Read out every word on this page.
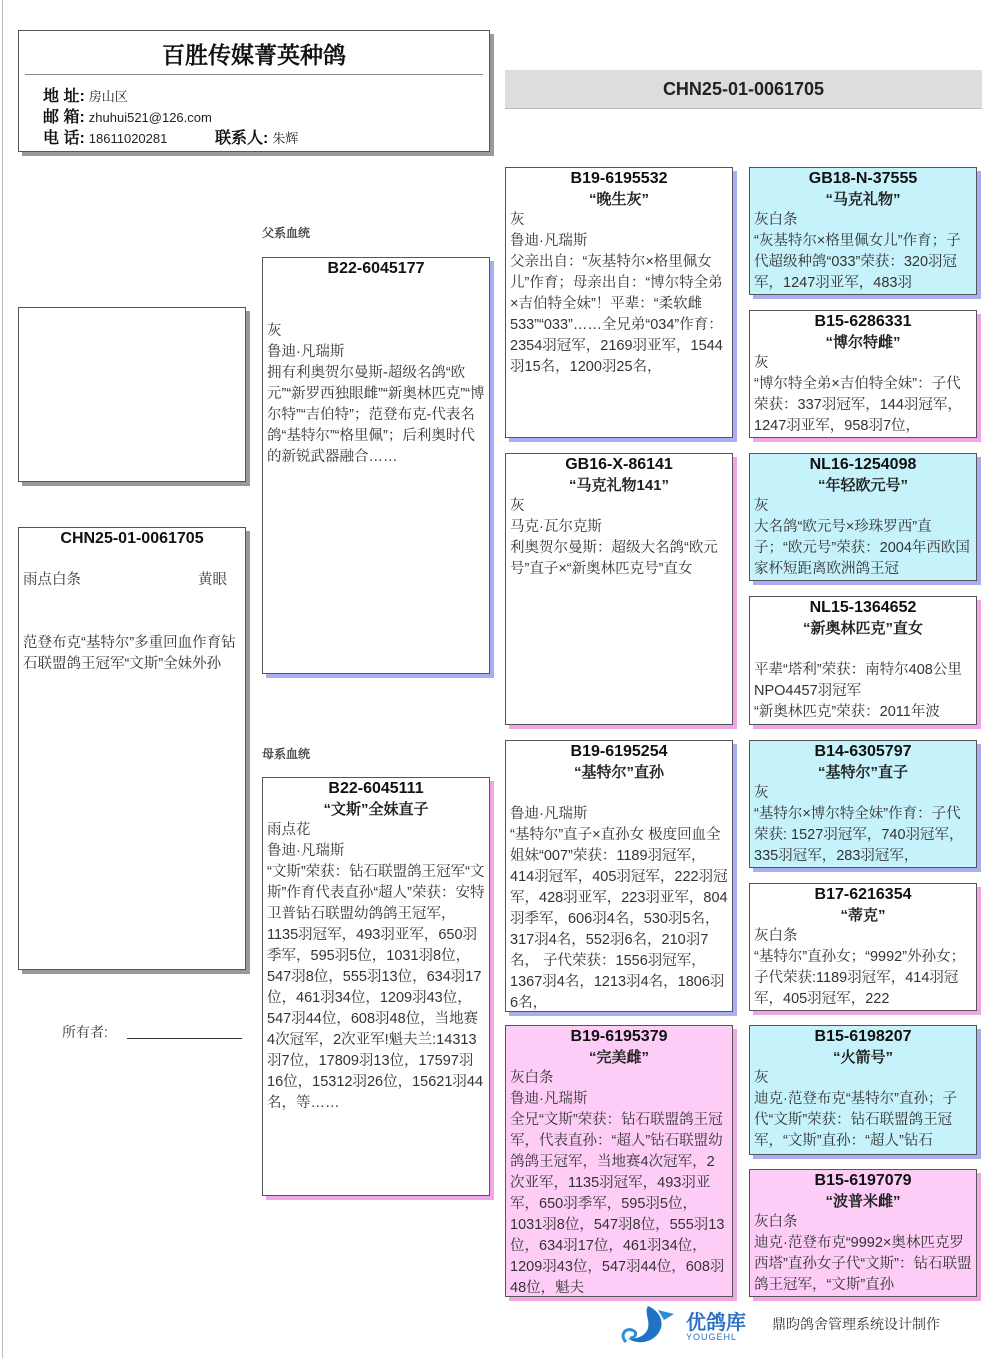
百胜传媒菁英种鸽
地 址: 房山区
邮 箱: zhuhui521@126.com
电 话: 18611020281	联系人: 朱辉
CHN25-01-0061705
CHN25-01-0061705
雨点白条	黄眼
范登布克“基特尔”多重回血作育钻石联盟鸽王冠军“文斯”全妹外孙
所有者:
父系血统
母系血统
B22-6045177
灰
鲁迪·凡瑞斯
拥有利奥贺尔曼斯-超级名鸽“欧元”“新罗西独眼雌”“新奥林匹克”“博尔特”“吉伯特”；范登布克-代表名鸽“基特尔”“格里佩”；后利奥时代的新锐武器融合……
B22-6045111
“文斯”全妹直子
雨点花
鲁迪·凡瑞斯
“文斯”荣获：钻石联盟鸽王冠军“文斯”作育代表直孙“超人”荣获：安特卫普钻石联盟幼鸽鸽王冠军，1135羽冠军，493羽亚军，650羽季军，595羽5位，1031羽8位，547羽8位，555羽13位，634羽17位，461羽34位，1209羽43位，547羽44位，608羽48位，当地赛4次冠军，2次亚军!魁夫兰:14313羽7位，17809羽13位，17597羽16位，15312羽26位，15621羽44名，等……
B19-6195532
“晚生灰”
灰
鲁迪·凡瑞斯
父亲出自：“灰基特尔×格里佩女儿”作育；母亲出自：“博尔特全弟×吉伯特全妹”！平辈：“柔软雌533”“033”……全兄弟“034”作育：2354羽冠军，2169羽亚军，1544羽15名，1200羽25名，
GB16-X-86141
“马克礼物141”
灰
马克·瓦尔克斯
利奥贺尔曼斯：超级大名鸽“欧元号”直子×“新奥林匹克号”直女
B19-6195254
“基特尔”直孙
鲁迪·凡瑞斯
“基特尔”直子×直孙女 极度回血全姐妹“007”荣获：1189羽冠军，414羽冠军，405羽冠军，222羽冠军，428羽亚军，223羽亚军，804羽季军，606羽4名，530羽5名，317羽4名，552羽6名，210羽7名， 子代荣获：1556羽冠军，1367羽4名，1213羽4名，1806羽6名，
B19-6195379
“完美雌”
灰白条
鲁迪·凡瑞斯
全兄“文斯”荣获：钻石联盟鸽王冠军，代表直孙：“超人”钻石联盟幼鸽鸽王冠军，当地赛4次冠军，2次亚军，1135羽冠军，493羽亚军，650羽季军，595羽5位，1031羽8位，547羽8位，555羽13位，634羽17位，461羽34位，1209羽43位，547羽44位，608羽48位，魁夫
GB18-N-37555
“马克礼物”
灰白条
“灰基特尔×格里佩女儿”作育；子代超级种鸽“033”荣获：320羽冠军，1247羽亚军，483羽
B15-6286331
“博尔特雌”
灰
“博尔特全弟×吉伯特全妹”：子代荣获：337羽冠军，144羽冠军，1247羽亚军，958羽7位，
NL16-1254098
“年轻欧元号”
灰
大名鸽“欧元号×珍珠罗西”直子；“欧元号”荣获：2004年西欧国家杯短距离欧洲鸽王冠
NL15-1364652
“新奥林匹克”直女
平辈“塔利”荣获：南特尔408公里NPO4457羽冠军
“新奥林匹克”荣获：2011年波
B14-6305797
“基特尔”直子
灰
“基特尔×博尔特全妹”作育：子代荣获: 1527羽冠军，740羽冠军，335羽冠军，283羽冠军，
B17-6216354
“蒂克”
灰白条
“基特尔”直孙女；“9992”外孙女；子代荣获:1189羽冠军，414羽冠军，405羽冠军，222
B15-6198207
“火箭号”
灰
迪克·范登布克“基特尔”直孙；子代“文斯”荣获：钻石联盟鸽王冠军，“文斯”直孙：“超人”钻石
B15-6197079
“波普米雌”
灰白条
迪克·范登布克“9992×奥林匹克罗西塔”直孙女子代“文斯”：钻石联盟鸽王冠军，“文斯”直孙
优鸽库
YOUGEHL
鼎昀鸽舍管理系统设计制作
